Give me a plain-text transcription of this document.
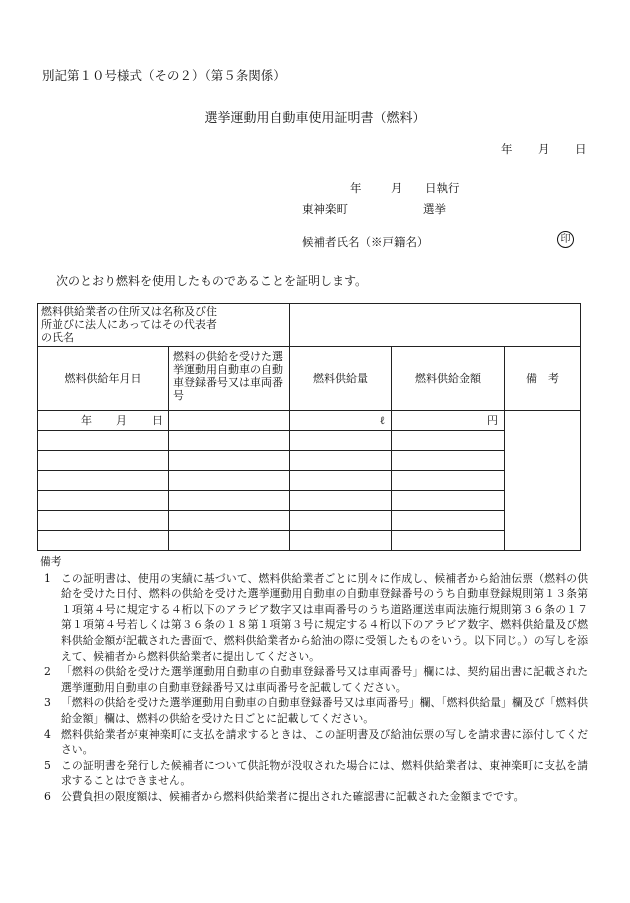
別記第１０号様式（その２）（第５条関係）
選挙運動用自動車使用証明書（燃料）
年 月 日
年	月 日執行
東神楽町	選挙
候補者氏名（※戸籍名）	印
次のとおり燃料を使用したものであることを証明します。
燃料供給業者の住所又は名称及び住所並びに法人にあってはその代表者の氏名				

燃料供給年月日	燃料の供給を受けた選挙運動用自動車の自動車登録番号又は車両番号	燃料供給量	燃料供給金額	備　考

年 月 日		ℓ	円	

備考
1 この証明書は、使用の実績に基づいて、燃料供給業者ごとに別々に作成し、候補者から給油伝票（燃料の供給を受けた日付、燃料の供給を受けた選挙運動用自動車の自動車登録番号のうち自動車登録規則第１３条第１項第４号に規定する４桁以下のアラビア数字又は車両番号のうち道路運送車両法施行規則第３６条の１７第１項第４号若しくは第３６条の１８第１項第３号に規定する４桁以下のアラビア数字、燃料供給量及び燃料供給金額が記載された書面で、燃料供給業者から給油の際に受領したものをいう。以下同じ。）の写しを添えて、候補者から燃料供給業者に提出してください。
2 「燃料の供給を受けた選挙運動用自動車の自動車登録番号又は車両番号」欄には、契約届出書に記載された選挙運動用自動車の自動車登録番号又は車両番号を記載してください。
3 「燃料の供給を受けた選挙運動用自動車の自動車登録番号又は車両番号」欄、「燃料供給量」欄及び「燃料供給金額」欄は、燃料の供給を受けた日ごとに記載してください。
4 燃料供給業者が東神楽町に支払を請求するときは、この証明書及び給油伝票の写しを請求書に添付してください。
5 この証明書を発行した候補者について供託物が没収された場合には、燃料供給業者は、東神楽町に支払を請求することはできません。
6 公費負担の限度額は、候補者から燃料供給業者に提出された確認書に記載された金額までです。
